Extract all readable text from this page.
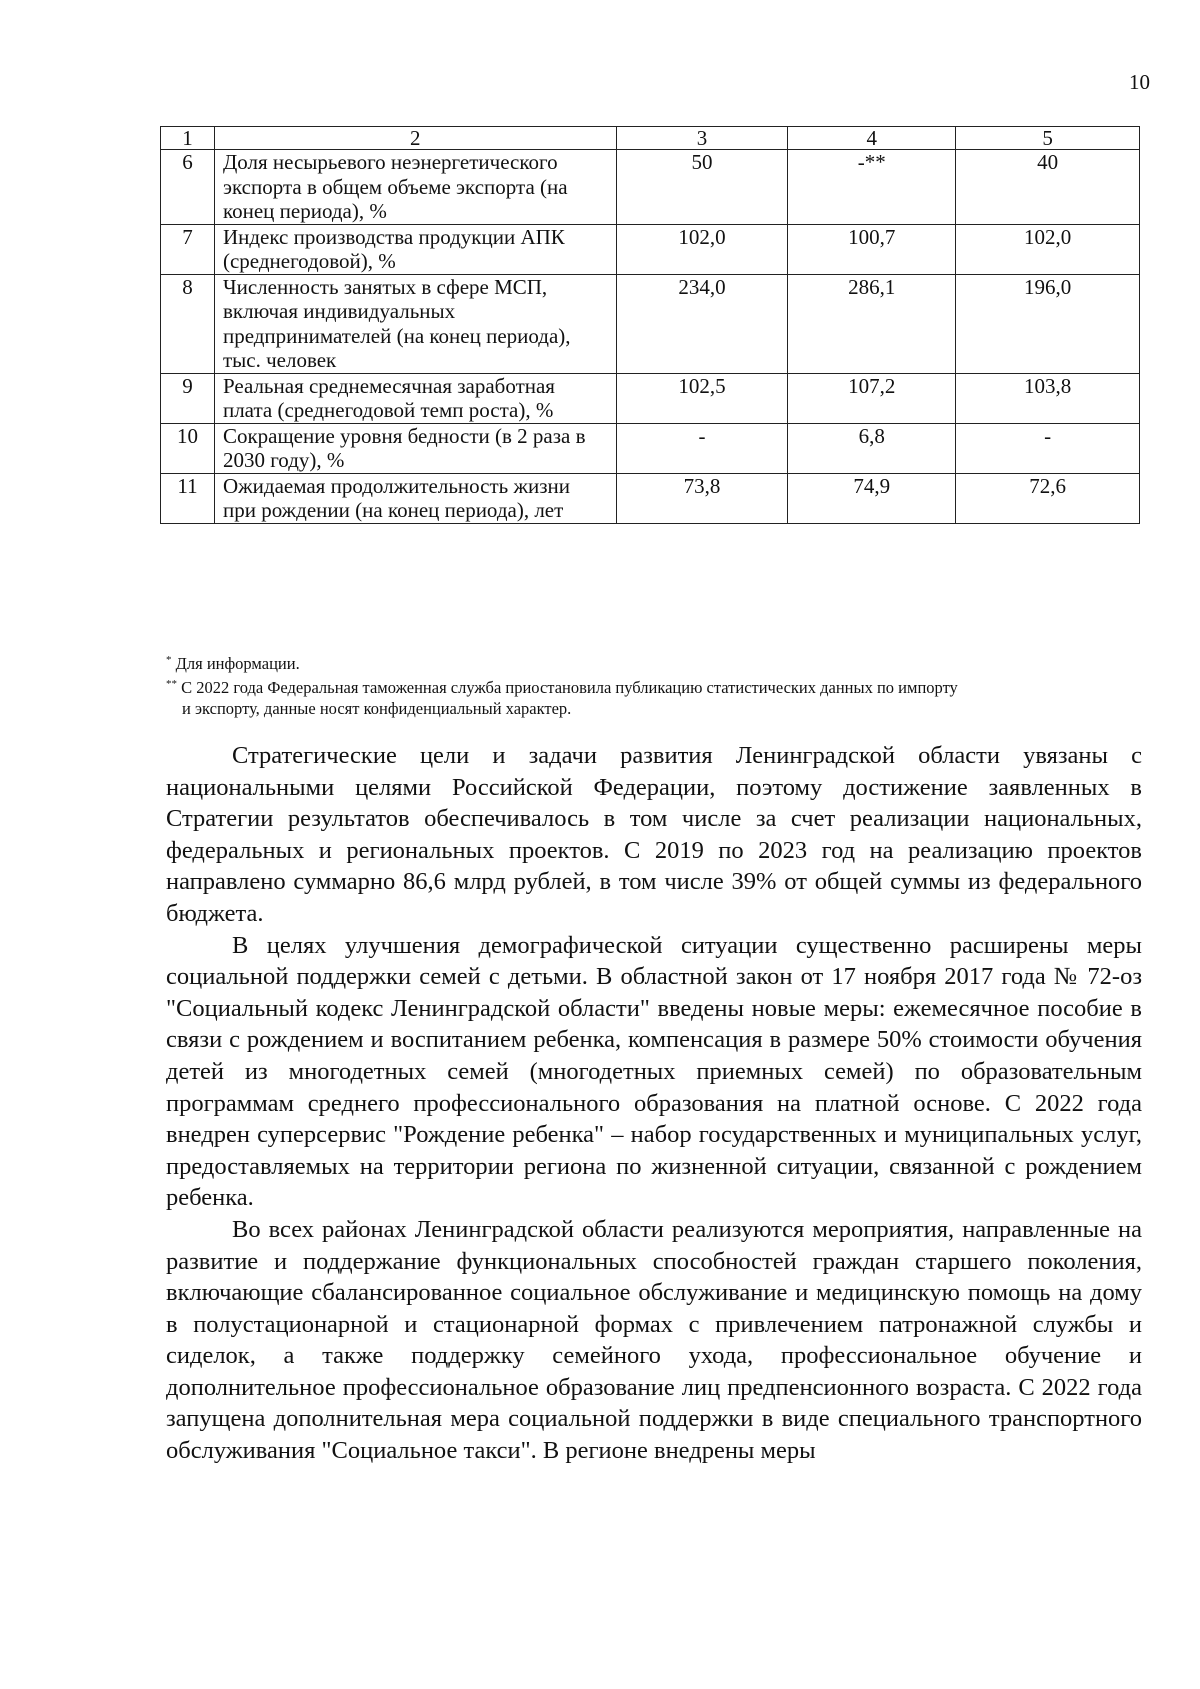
10
1	2	3	4	5
6	Доля несырьевого неэнергетического экспорта в общем объеме экспорта (на конец периода), %	50	-**	40
7	Индекс производства продукции АПК (среднегодовой), %	102,0	100,7	102,0
8	Численность занятых в сфере МСП, включая индивидуальных предпринимателей (на конец периода), тыс. человек	234,0	286,1	196,0
9	Реальная среднемесячная заработная плата (среднегодовой темп роста), %	102,5	107,2	103,8
10	Сокращение уровня бедности (в 2 раза в 2030 году), %	-	6,8	-
11	Ожидаемая продолжительность жизни при рождении (на конец периода), лет	73,8	74,9	72,6

* Для информации.

** С 2022 года Федеральная таможенная служба приостановила публикацию статистических данных по импорту

и экспорту, данные носят конфиденциальный характер.

Стратегические цели и задачи развития Ленинградской области увязаны с национальными целями Российской Федерации, поэтому достижение заявленных в Стратегии результатов обеспечивалось в том числе за счет реализации национальных, федеральных и региональных проектов. С 2019 по 2023 год на реализацию проектов направлено суммарно 86,6 млрд рублей, в том числе 39% от общей суммы из федерального бюджета.

В целях улучшения демографической ситуации существенно расширены меры социальной поддержки семей с детьми. В областной закон от 17 ноября 2017 года № 72-оз "Социальный кодекс Ленинградской области" введены новые меры: ежемесячное пособие в связи с рождением и воспитанием ребенка, компенсация в размере 50% стоимости обучения детей из многодетных семей (многодетных приемных семей) по образовательным программам среднего профессионального образования на платной основе. С 2022 года внедрен суперсервис "Рождение ребенка" – набор государственных и муниципальных услуг, предоставляемых на территории региона по жизненной ситуации, связанной с рождением ребенка.

Во всех районах Ленинградской области реализуются мероприятия, направленные на развитие и поддержание функциональных способностей граждан старшего поколения, включающие сбалансированное социальное обслуживание и медицинскую помощь на дому в полустационарной и стационарной формах с привлечением патронажной службы и сиделок, а также поддержку семейного ухода, профессиональное обучение и дополнительное профессиональное образование лиц предпенсионного возраста. С 2022 года запущена дополнительная мера социальной поддержки в виде специального транспортного обслуживания "Социальное такси". В регионе внедрены меры
